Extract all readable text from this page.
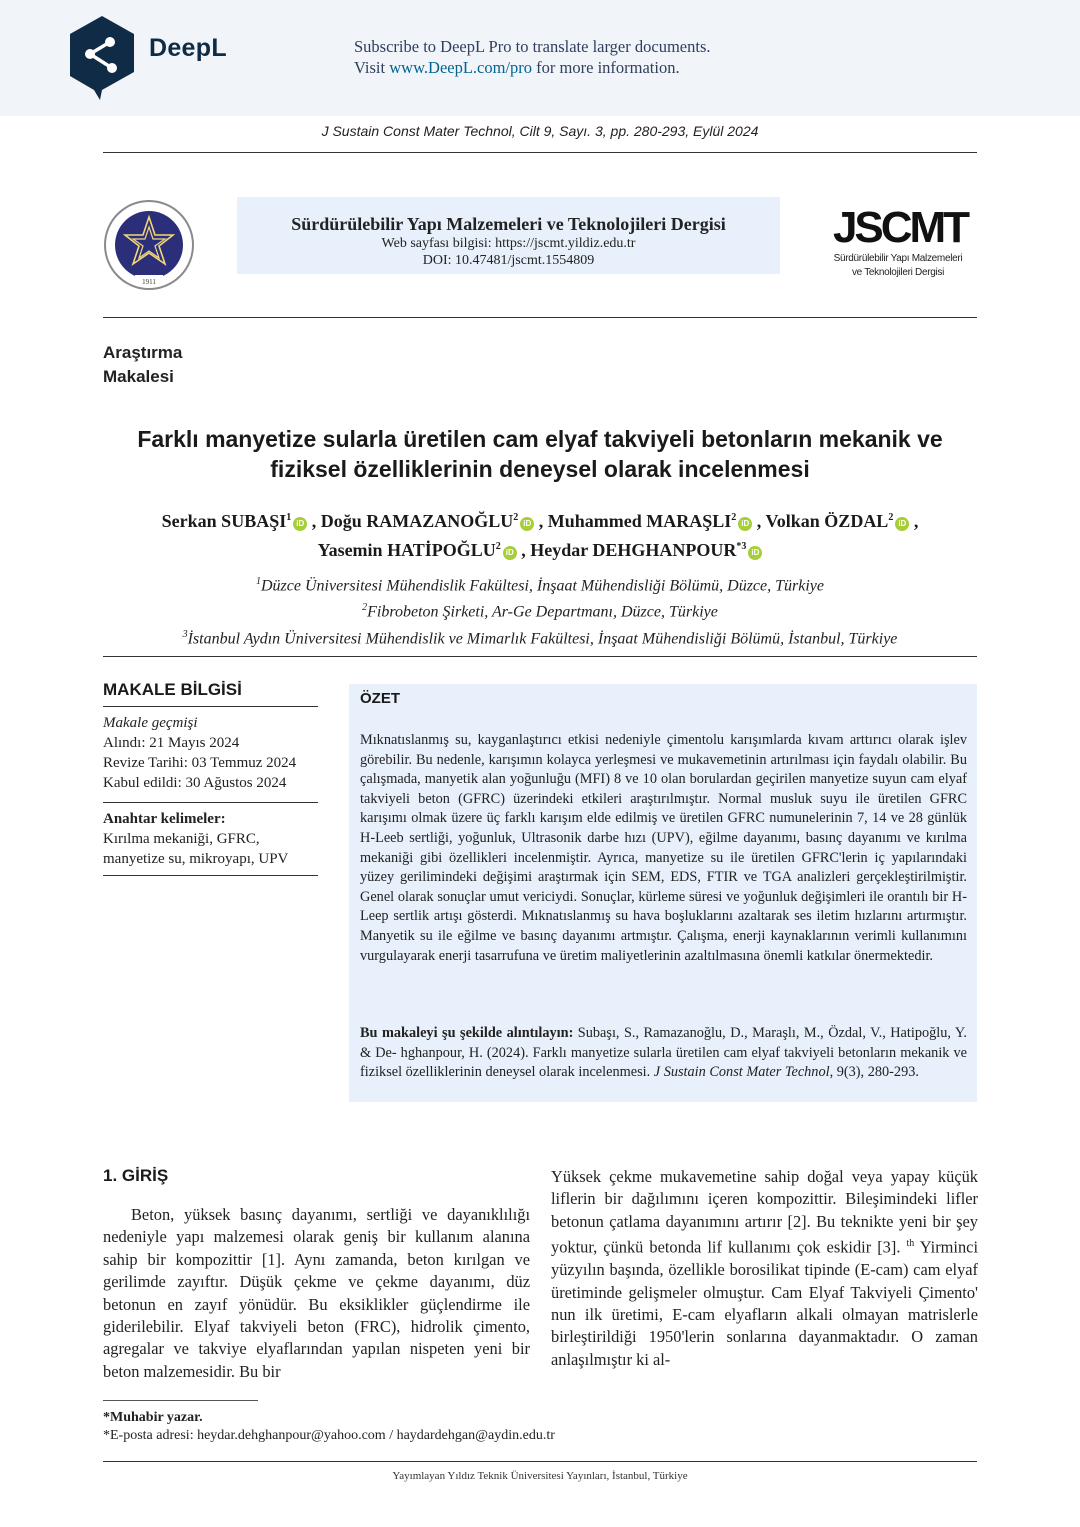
DeepL	Subscribe to DeepL Pro to translate larger documents.
Visit www.DeepL.com/pro for more information.
J Sustain Const Mater Technol, Cilt 9, Sayı. 3, pp. 280-293, Eylül 2024
1911
Sürdürülebilir Yapı Malzemeleri ve Teknolojileri Dergisi
Web sayfası bilgisi: https://jscmt.yildiz.edu.tr
DOI: 10.47481/jscmt.1554809
JSCMT
Sürdürülebilir Yapı Malzemeleri
ve Teknolojileri Dergisi
Araştırma
Makalesi
Farklı manyetize sularla üretilen cam elyaf takviyeli betonların mekanik ve
fiziksel özelliklerinin deneysel olarak incelenmesi
Serkan SUBAŞI$^1$iD , Doğu RAMAZANOĞLU$^2$iD , Muhammed MARAŞLI$^2$iD , Volkan ÖZDAL$^2$iD ,
Yasemin HATİPOĞLU$^2$iD , Heydar DEHGHANPOUR$^{*3}$iD
$^1$Düzce Üniversitesi Mühendislik Fakültesi, İnşaat Mühendisliği Bölümü, Düzce, Türkiye
$^2$Fibrobeton Şirketi, Ar-Ge Departmanı, Düzce, Türkiye
$^3$İstanbul Aydın Üniversitesi Mühendislik ve Mimarlık Fakültesi, İnşaat Mühendisliği Bölümü, İstanbul, Türkiye
MAKALE BİLGİSİ
Makale geçmişi
Alındı: 21 Mayıs 2024
Revize Tarihi: 03 Temmuz 2024
Kabul edildi: 30 Ağustos 2024
Anahtar kelimeler:
Kırılma mekaniği, GFRC, manyetize su, mikroyapı, UPV
ÖZET
Mıknatıslanmış su, kayganlaştırıcı etkisi nedeniyle çimentolu karışımlarda kıvam arttırıcı olarak işlev görebilir. Bu nedenle, karışımın kolayca yerleşmesi ve mukavemetinin artırılması için faydalı olabilir. Bu çalışmada, manyetik alan yoğunluğu (MFI) 8 ve 10 olan borulardan geçirilen manyetize suyun cam elyaf takviyeli beton (GFRC) üzerindeki etkileri araştırılmıştır. Normal musluk suyu ile üretilen GFRC karışımı olmak üzere üç farklı karışım elde edilmiş ve üretilen GFRC numunelerinin 7, 14 ve 28 günlük H-Leeb sertliği, yoğunluk, Ultrasonik darbe hızı (UPV), eğilme dayanımı, basınç dayanımı ve kırılma mekaniği gibi özellikleri incelenmiştir. Ayrıca, manyetize su ile üretilen GFRC'lerin iç yapılarındaki yüzey gerilimindeki değişimi araştırmak için SEM, EDS, FTIR ve TGA analizleri gerçekleştirilmiştir. Genel olarak sonuçlar umut vericiydi. Sonuçlar, kürleme süresi ve yoğunluk değişimleri ile orantılı bir H-Leep sertlik artışı gösterdi. Mıknatıslanmış su hava boşluklarını azaltarak ses iletim hızlarını artırmıştır. Manyetik su ile eğilme ve basınç dayanımı artmıştır. Çalışma, enerji kaynaklarının verimli kullanımını vurgulayarak enerji tasarrufuna ve üretim maliyetlerinin azaltılmasına önemli katkılar önermektedir.
Bu makaleyi şu şekilde alıntılayın: Subaşı, S., Ramazanoğlu, D., Maraşlı, M., Özdal, V., Hatipoğlu, Y. & De- hghanpour, H. (2024). Farklı manyetize sularla üretilen cam elyaf takviyeli betonların mekanik ve fiziksel özelliklerinin deneysel olarak incelenmesi. J Sustain Const Mater Technol, 9(3), 280-293.
1. GİRİŞ
Beton, yüksek basınç dayanımı, sertliği ve dayanıklılığı nedeniyle yapı malzemesi olarak geniş bir kullanım alanına sahip bir kompozittir [1]. Aynı zamanda, beton kırılgan ve gerilimde zayıftır. Düşük çekme ve çekme dayanımı, düz betonun en zayıf yönüdür. Bu eksiklikler güçlendirme ile giderilebilir. Elyaf takviyeli beton (FRC), hidrolik çimento, agregalar ve takviye elyaflarından yapılan nispeten yeni bir beton malzemesidir. Bu bir
Yüksek çekme mukavemetine sahip doğal veya yapay küçük liflerin bir dağılımını içeren kompozittir. Bileşimindeki lifler betonun çatlama dayanımını artırır [2]. Bu teknikte yeni bir şey yoktur, çünkü betonda lif kullanımı çok eskidir [3]. $^{th}$ Yirminci yüzyılın başında, özellikle borosilikat tipinde (E-cam) cam elyaf üretiminde gelişmeler olmuştur. Cam Elyaf Takviyeli Çimento' nun ilk üretimi, E-cam elyafların alkali olmayan matrislerle birleştirildiği 1950'lerin sonlarına dayanmaktadır. O zaman anlaşılmıştır ki al-
*Muhabir yazar.
*E-posta adresi: heydar.dehghanpour@yahoo.com / haydardehgan@aydin.edu.tr
Yayımlayan Yıldız Teknik Üniversitesi Yayınları, İstanbul, Türkiye
